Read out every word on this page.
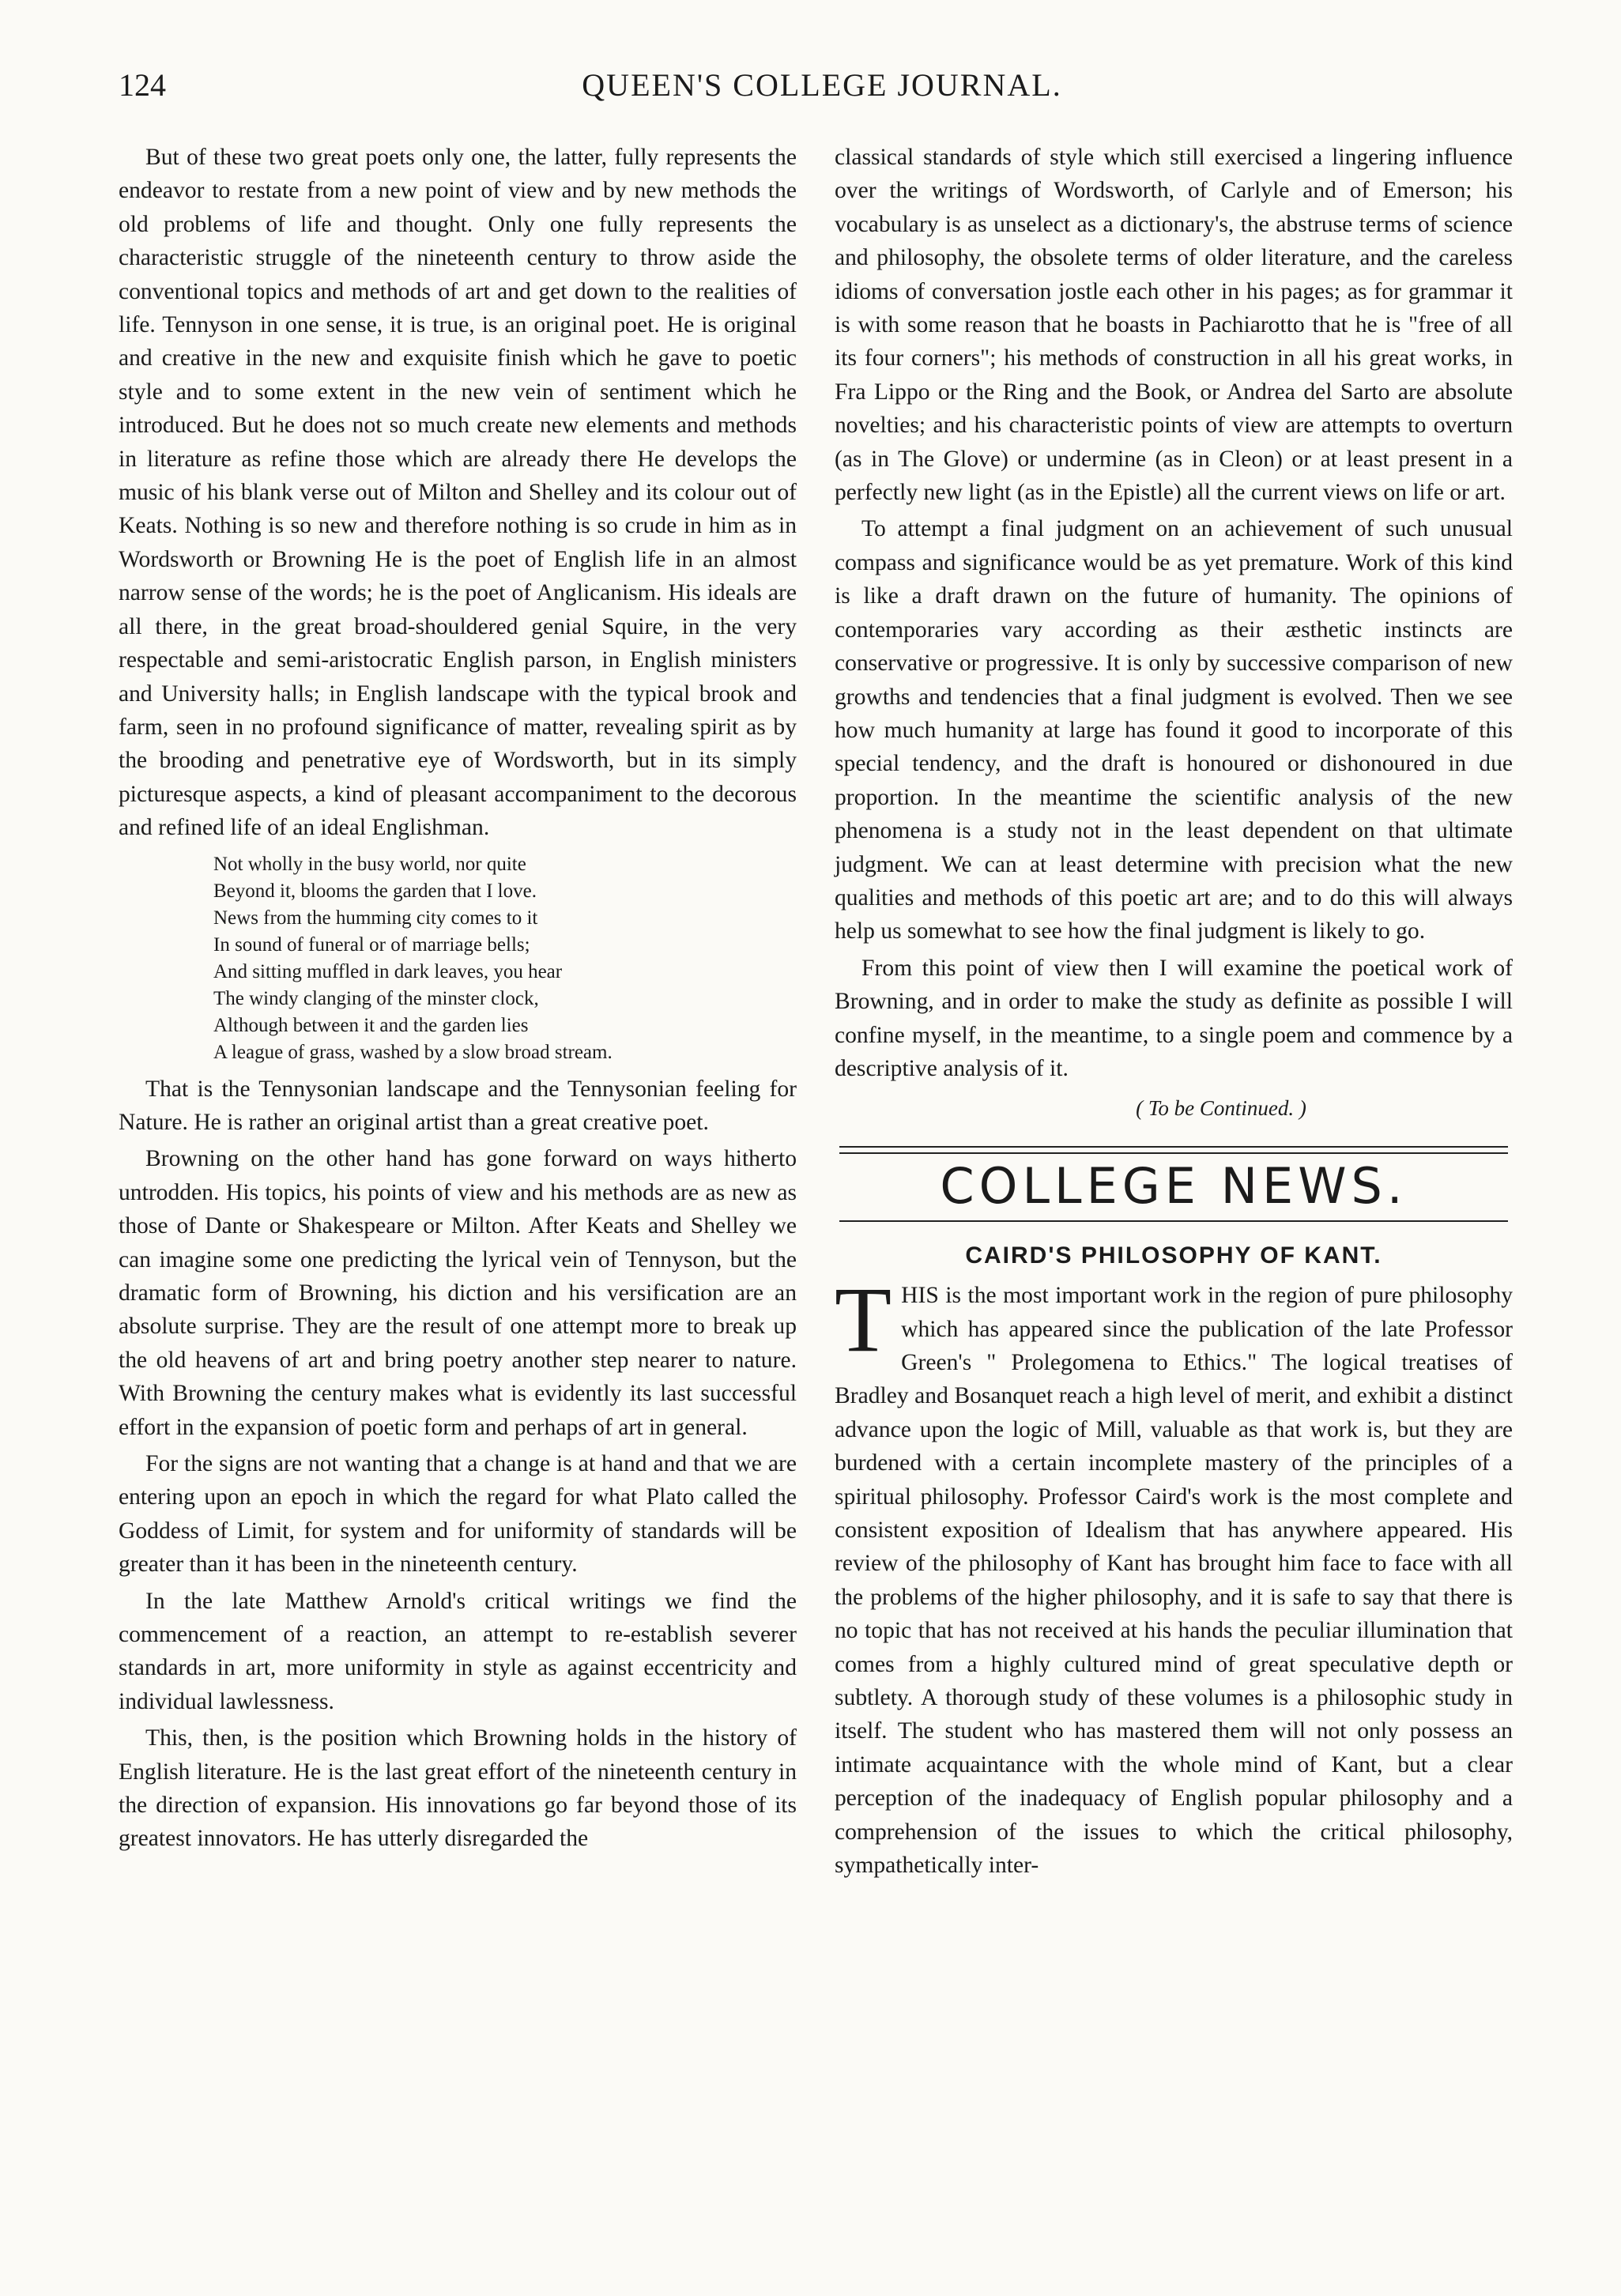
124	QUEEN'S COLLEGE JOURNAL.

But of these two great poets only one, the latter, fully represents the endeavor to restate from a new point of view and by new methods the old problems of life and thought. Only one fully represents the characteristic struggle of the nineteenth century to throw aside the conventional topics and methods of art and get down to the realities of life. Tennyson in one sense, it is true, is an original poet. He is original and creative in the new and exquisite finish which he gave to poetic style and to some extent in the new vein of sentiment which he introduced. But he does not so much create new elements and methods in literature as refine those which are already there He develops the music of his blank verse out of Milton and Shelley and its colour out of Keats. Nothing is so new and therefore nothing is so crude in him as in Wordsworth or Browning He is the poet of English life in an almost narrow sense of the words; he is the poet of Anglicanism. His ideals are all there, in the great broad-shouldered genial Squire, in the very respectable and semi-aristocratic English parson, in English ministers and University halls; in English landscape with the typical brook and farm, seen in no profound significance of matter, revealing spirit as by the brooding and penetrative eye of Wordsworth, but in its simply picturesque aspects, a kind of pleasant accompaniment to the decorous and refined life of an ideal Englishman.

Not wholly in the busy world, nor quite
Beyond it, blooms the garden that I love.
News from the humming city comes to it
In sound of funeral or of marriage bells;
And sitting muffled in dark leaves, you hear
The windy clanging of the minster clock,
Although between it and the garden lies
A league of grass, washed by a slow broad stream.

That is the Tennysonian landscape and the Tennysonian feeling for Nature. He is rather an original artist than a great creative poet.

Browning on the other hand has gone forward on ways hitherto untrodden. His topics, his points of view and his methods are as new as those of Dante or Shakespeare or Milton. After Keats and Shelley we can imagine some one predicting the lyrical vein of Tennyson, but the dramatic form of Browning, his diction and his versification are an absolute surprise. They are the result of one attempt more to break up the old heavens of art and bring poetry another step nearer to nature. With Browning the century makes what is evidently its last successful effort in the expansion of poetic form and perhaps of art in general.

For the signs are not wanting that a change is at hand and that we are entering upon an epoch in which the regard for what Plato called the Goddess of Limit, for system and for uniformity of standards will be greater than it has been in the nineteenth century.

In the late Matthew Arnold's critical writings we find the commencement of a reaction, an attempt to re-establish severer standards in art, more uniformity in style as against eccentricity and individual lawlessness.

This, then, is the position which Browning holds in the history of English literature. He is the last great effort of the nineteenth century in the direction of expansion. His innovations go far beyond those of its greatest innovators. He has utterly disregarded the

classical standards of style which still exercised a lingering influence over the writings of Wordsworth, of Carlyle and of Emerson; his vocabulary is as unselect as a dictionary's, the abstruse terms of science and philosophy, the obsolete terms of older literature, and the careless idioms of conversation jostle each other in his pages; as for grammar it is with some reason that he boasts in Pachiarotto that he is "free of all its four corners"; his methods of construction in all his great works, in Fra Lippo or the Ring and the Book, or Andrea del Sarto are absolute novelties; and his characteristic points of view are attempts to overturn (as in The Glove) or undermine (as in Cleon) or at least present in a perfectly new light (as in the Epistle) all the current views on life or art.

To attempt a final judgment on an achievement of such unusual compass and significance would be as yet premature. Work of this kind is like a draft drawn on the future of humanity. The opinions of contemporaries vary according as their æsthetic instincts are conservative or progressive. It is only by successive comparison of new growths and tendencies that a final judgment is evolved. Then we see how much humanity at large has found it good to incorporate of this special tendency, and the draft is honoured or dishonoured in due proportion. In the meantime the scientific analysis of the new phenomena is a study not in the least dependent on that ultimate judgment. We can at least determine with precision what the new qualities and methods of this poetic art are; and to do this will always help us somewhat to see how the final judgment is likely to go.

From this point of view then I will examine the poetical work of Browning, and in order to make the study as definite as possible I will confine myself, in the meantime, to a single poem and commence by a descriptive analysis of it.

( To be Continued. )
COLLEGE NEWS.
CAIRD'S PHILOSOPHY OF KANT.

THIS is the most important work in the region of pure philosophy which has appeared since the publication of the late Professor Green's " Prolegomena to Ethics." The logical treatises of Bradley and Bosanquet reach a high level of merit, and exhibit a distinct advance upon the logic of Mill, valuable as that work is, but they are burdened with a certain incomplete mastery of the principles of a spiritual philosophy. Professor Caird's work is the most complete and consistent exposition of Idealism that has anywhere appeared. His review of the philosophy of Kant has brought him face to face with all the problems of the higher philosophy, and it is safe to say that there is no topic that has not received at his hands the peculiar illumination that comes from a highly cultured mind of great speculative depth or subtlety. A thorough study of these volumes is a philosophic study in itself. The student who has mastered them will not only possess an intimate acquaintance with the whole mind of Kant, but a clear perception of the inadequacy of English popular philosophy and a comprehension of the issues to which the critical philosophy, sympathetically inter-
